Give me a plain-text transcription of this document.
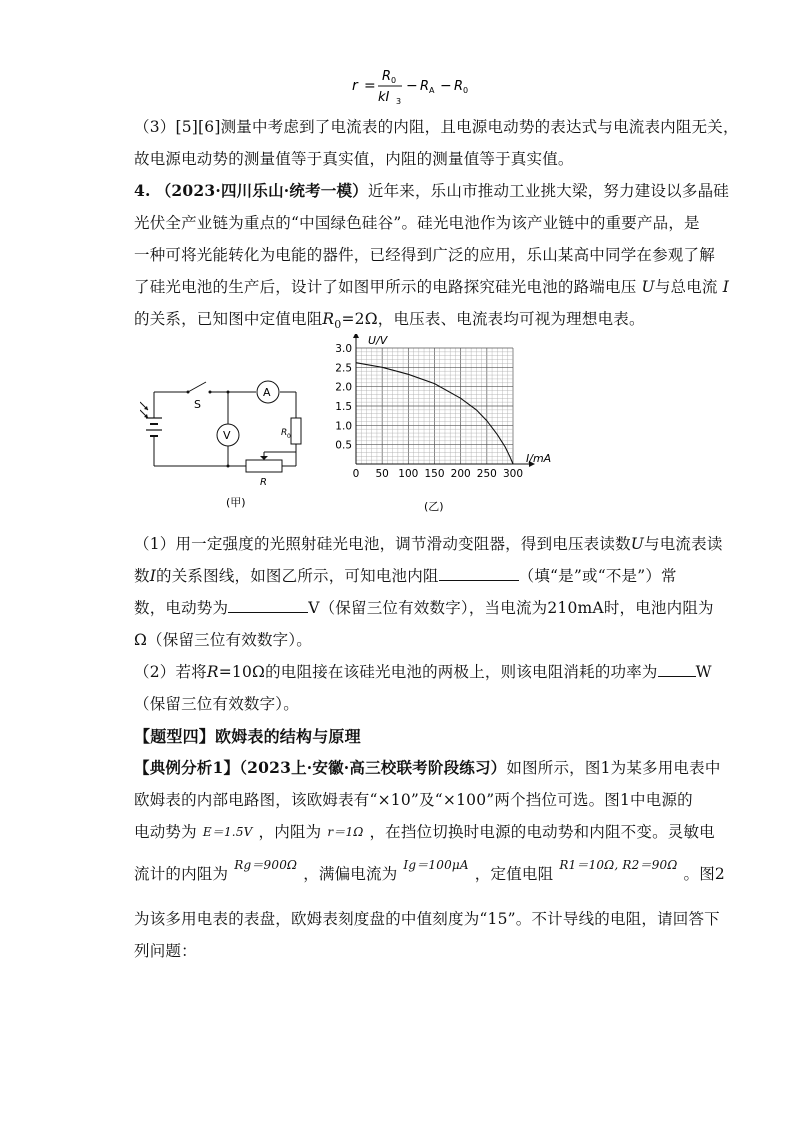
r =
R 0
kI 3
− R A − R 0
（3）[5][6]测量中考虑到了电流表的内阻，且电源电动势的表达式与电流表内阻无关，
故电源电动势的测量值等于真实值，内阻的测量值等于真实值。
4. （2023·四川乐山·统考一模）近年来，乐山市推动工业挑大梁，努力建设以多晶硅
光伏全产业链为重点的“中国绿色硅谷”。硅光电池作为该产业链中的重要产品，是
一种可将光能转化为电能的器件，已经得到广泛的应用，乐山某高中同学在参观了解
了硅光电池的生产后，设计了如图甲所示的电路探究硅光电池的路端电压 U与总电流 I
的关系，已知图中定值电阻$R_0=2\Omega$，电压表、电流表均可视为理想电表。
A
V
S
R 0
R
(甲)
0 50 100 150 200 250 300
0.5
1.0
1.5
2.0
2.5
3.0
U/V
I/mA
(乙)
（1）用一定强度的光照射硅光电池，调节滑动变阻器，得到电压表读数U与电流表读
数I的关系图线，如图乙所示，可知电池内阻	（填“是”或“不是”）常
数，电动势为	V（保留三位有效数字），当电流为210mA时，电池内阻为
Ω（保留三位有效数字）。
（2）若将R=10Ω的电阻接在该硅光电池的两极上，则该电阻消耗的功率为 W
（保留三位有效数字）。
【题型四】欧姆表的结构与原理
【典例分析1】（2023上·安徽·高三校联考阶段练习）如图所示，图1为某多用电表中
欧姆表的内部电路图，该欧姆表有“×10”及“×100”两个挡位可选。图1中电源的
电动势为 E＝1.5V ，内阻为 r＝1Ω ，在挡位切换时电源的电动势和内阻不变。灵敏电
流计的内阻为 $^{Rg=900\Omega}$ ，满偏电流为 $^{Ig=100\mu A}$ ，定值电阻 $^{R1=10\Omega, R2=90\Omega}$ 。图2
为该多用电表的表盘，欧姆表刻度盘的中值刻度为“15”。不计导线的电阻，请回答下
列问题：
